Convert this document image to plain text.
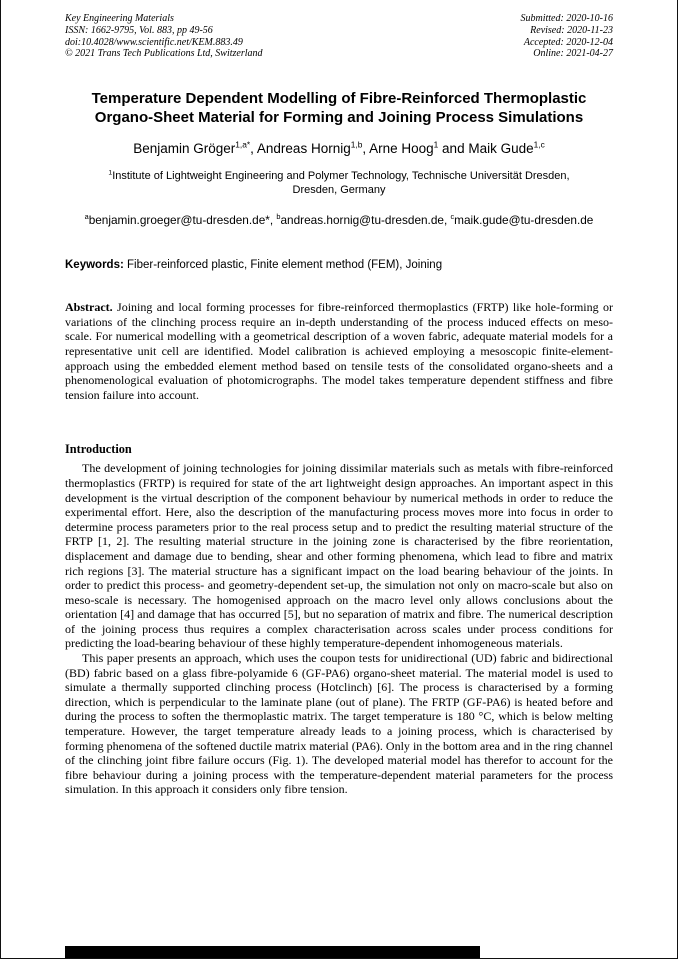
Key Engineering Materials
ISSN: 1662-9795, Vol. 883, pp 49-56
doi:10.4028/www.scientific.net/KEM.883.49
© 2021 Trans Tech Publications Ltd, Switzerland
Submitted: 2020-10-16
Revised: 2020-11-23
Accepted: 2020-12-04
Online: 2021-04-27
Temperature Dependent Modelling of Fibre-Reinforced Thermoplastic Organo-Sheet Material for Forming and Joining Process Simulations
Benjamin Gröger$^{1,a*}$, Andreas Hornig$^{1,b}$, Arne Hoog$^1$ and Maik Gude$^{1,c}$
$^1$Institute of Lightweight Engineering and Polymer Technology, Technische Universität Dresden, Dresden, Germany
$^a$benjamin.groeger@tu-dresden.de*, $^b$andreas.hornig@tu-dresden.de, $^c$maik.gude@tu-dresden.de
Keywords: Fiber-reinforced plastic, Finite element method (FEM), Joining

Abstract. Joining and local forming processes for fibre-reinforced thermoplastics (FRTP) like hole-forming or variations of the clinching process require an in-depth understanding of the process induced effects on meso-scale. For numerical modelling with a geometrical description of a woven fabric, adequate material models for a representative unit cell are identified. Model calibration is achieved employing a mesoscopic finite-element-approach using the embedded element method based on tensile tests of the consolidated organo-sheets and a phenomenological evaluation of photomicrographs. The model takes temperature dependent stiffness and fibre tension failure into account.

Introduction

The development of joining technologies for joining dissimilar materials such as metals with fibre-reinforced thermoplastics (FRTP) is required for state of the art lightweight design approaches. An important aspect in this development is the virtual description of the component behaviour by numerical methods in order to reduce the experimental effort. Here, also the description of the manufacturing process moves more into focus in order to determine process parameters prior to the real process setup and to predict the resulting material structure of the FRTP [1, 2]. The resulting material structure in the joining zone is characterised by the fibre reorientation, displacement and damage due to bending, shear and other forming phenomena, which lead to fibre and matrix rich regions [3]. The material structure has a significant impact on the load bearing behaviour of the joints. In order to predict this process- and geometry-dependent set-up, the simulation not only on macro-scale but also on meso-scale is necessary. The homogenised approach on the macro level only allows conclusions about the orientation [4] and damage that has occurred [5], but no separation of matrix and fibre. The numerical description of the joining process thus requires a complex characterisation across scales under process conditions for predicting the load-bearing behaviour of these highly temperature-dependent inhomogeneous materials.

This paper presents an approach, which uses the coupon tests for unidirectional (UD) fabric and bidirectional (BD) fabric based on a glass fibre-polyamide 6 (GF-PA6) organo-sheet material. The material model is used to simulate a thermally supported clinching process (Hotclinch) [6]. The process is characterised by a forming direction, which is perpendicular to the laminate plane (out of plane). The FRTP (GF-PA6) is heated before and during the process to soften the thermoplastic matrix. The target temperature is 180 °C, which is below melting temperature. However, the target temperature already leads to a joining process, which is characterised by forming phenomena of the softened ductile matrix material (PA6). Only in the bottom area and in the ring channel of the clinching joint fibre failure occurs (Fig. 1). The developed material model has therefor to account for the fibre behaviour during a joining process with the temperature-dependent material parameters for the process simulation. In this approach it considers only fibre tension.
